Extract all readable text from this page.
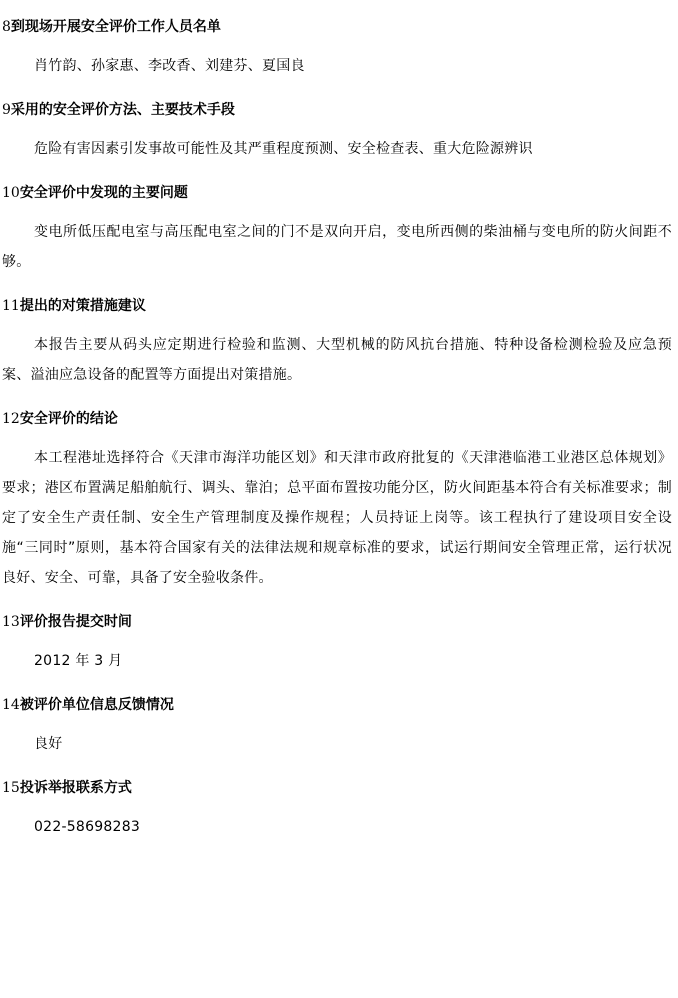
8到现场开展安全评价工作人员名单
肖竹韵、孙家惠、李改香、刘建芬、夏国良
9采用的安全评价方法、主要技术手段
危险有害因素引发事故可能性及其严重程度预测、安全检查表、重大危险源辨识
10安全评价中发现的主要问题
变电所低压配电室与高压配电室之间的门不是双向开启，变电所西侧的柴油桶与变电所的防火间距不够。
11提出的对策措施建议
本报告主要从码头应定期进行检验和监测、大型机械的防风抗台措施、特种设备检测检验及应急预案、溢油应急设备的配置等方面提出对策措施。
12安全评价的结论
本工程港址选择符合《天津市海洋功能区划》和天津市政府批复的《天津港临港工业港区总体规划》要求；港区布置满足船舶航行、调头、靠泊；总平面布置按功能分区，防火间距基本符合有关标准要求；制定了安全生产责任制、安全生产管理制度及操作规程；人员持证上岗等。该工程执行了建设项目安全设施“三同时”原则，基本符合国家有关的法律法规和规章标准的要求，试运行期间安全管理正常，运行状况良好、安全、可靠，具备了安全验收条件。
13评价报告提交时间
2012 年 3 月
14被评价单位信息反馈情况
良好
15投诉举报联系方式
022-58698283
